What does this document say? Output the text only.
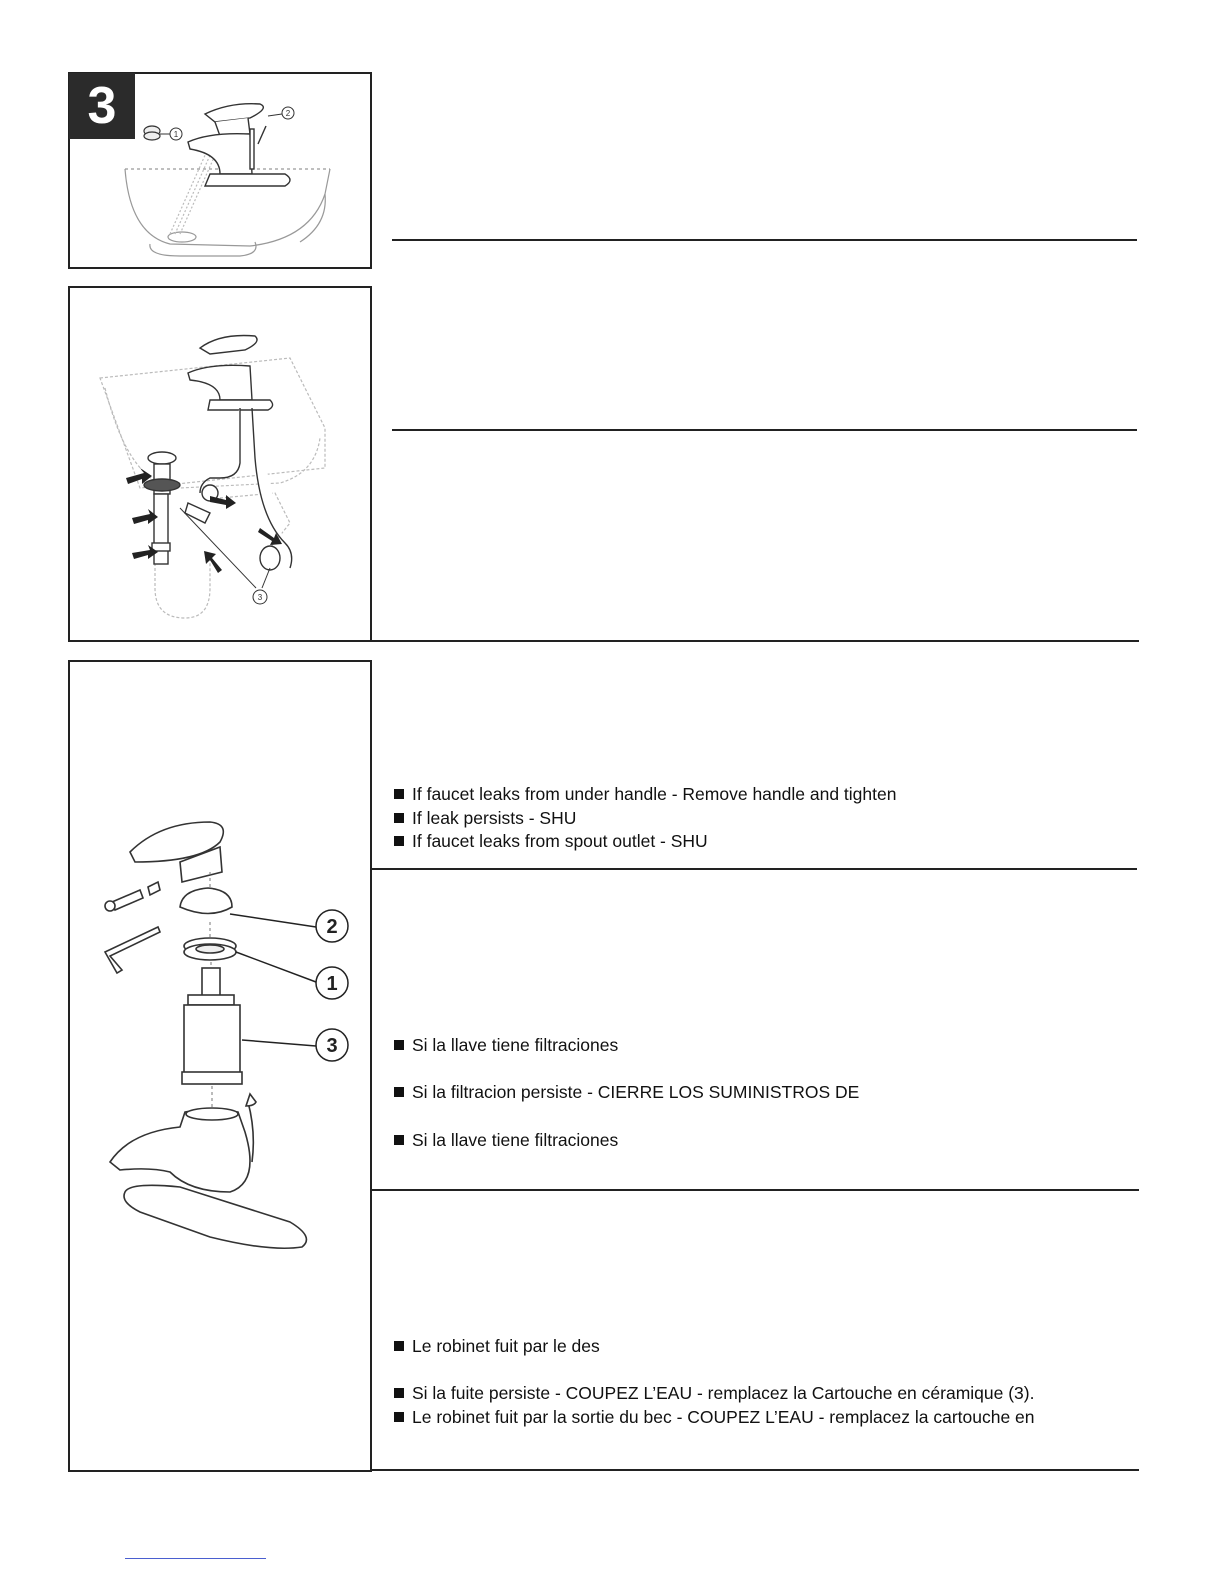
3	1
2
3
2
1
3
If faucet leaks from under handle - Remove handle and tighten
If leak persists - SHU
If faucet leaks from spout outlet - SHU
Si la llave tiene filtraciones
Si la filtracion persiste - CIERRE LOS SUMINISTROS DE
Si la llave tiene filtraciones
Le robinet fuit par le des
Si la fuite persiste - COUPEZ L’EAU - remplacez la Cartouche en céramique (3).
Le robinet fuit par la sortie du bec - COUPEZ L’EAU - remplacez la cartouche en
